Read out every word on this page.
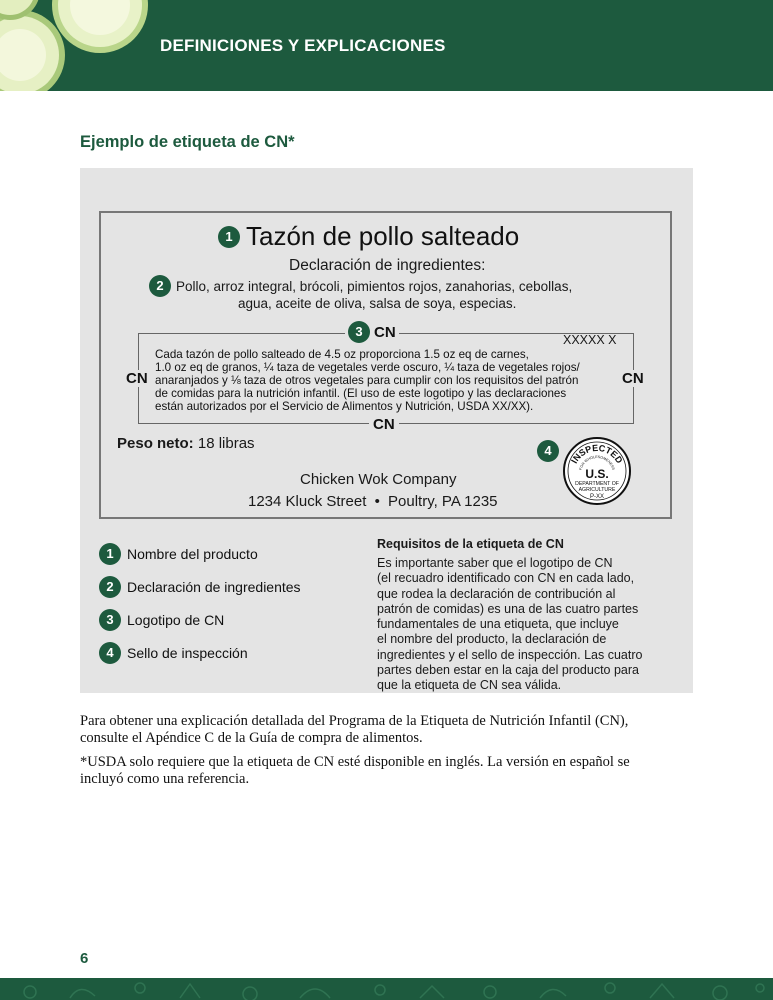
DEFINICIONES Y EXPLICACIONES
Ejemplo de etiqueta de CN*
1 Tazón de pollo salteado
Declaración de ingredientes:
2 Pollo, arroz integral, brócoli, pimientos rojos, zanahorias, cebollas,
agua, aceite de oliva, salsa de soya, especias.
3 CN	XXXXX X
CN	CN
CN
Cada tazón de pollo salteado de 4.5 oz proporciona 1.5 oz eq de carnes,
1.0 oz eq de granos, ¼ taza de vegetales verde oscuro, ¼ taza de vegetales rojos/
anaranjados y ⅛ taza de otros vegetales para cumplir con los requisitos del patrón
de comidas para la nutrición infantil. (El uso de este logotipo y las declaraciones
están autorizados por el Servicio de Alimentos y Nutrición, USDA XX/XX).
Peso neto: 18 libras
Chicken Wok Company
1234 Kluck Street • Poultry, PA 1235
4
INSPECTED
FOR WHOLESOMENESS
U.S.
DEPARTMENT OF
AGRICULTURE
P-XX
1 Nombre del producto
2 Declaración de ingredientes
3 Logotipo de CN
4 Sello de inspección
Requisitos de la etiqueta de CN
Es importante saber que el logotipo de CN
(el recuadro identificado con CN en cada lado,
que rodea la declaración de contribución al
patrón de comidas) es una de las cuatro partes
fundamentales de una etiqueta, que incluye
el nombre del producto, la declaración de
ingredientes y el sello de inspección. Las cuatro
partes deben estar en la caja del producto para
que la etiqueta de CN sea válida.
Para obtener una explicación detallada del Programa de la Etiqueta de Nutrición Infantil (CN),
consulte el Apéndice C de la Guía de compra de alimentos.
*USDA solo requiere que la etiqueta de CN esté disponible en inglés. La versión en español se
incluyó como una referencia.
6
